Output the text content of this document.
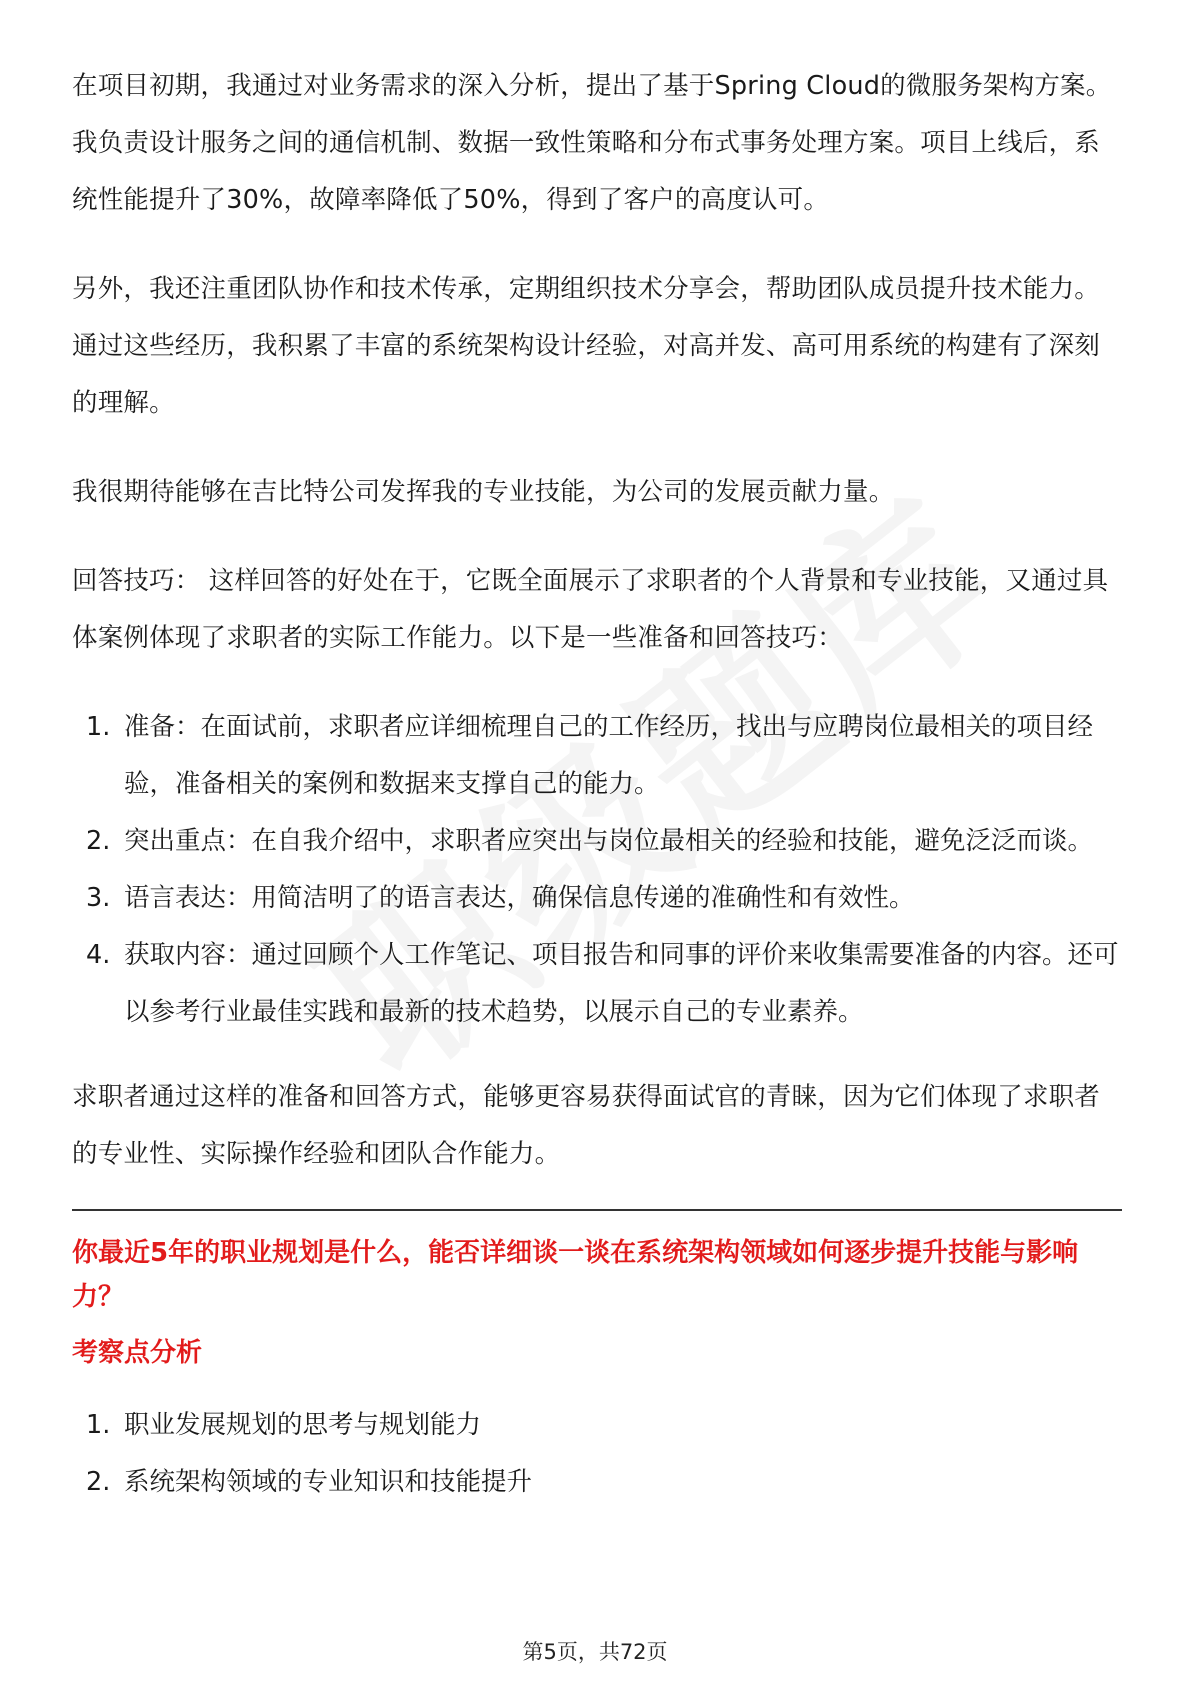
在项目初期，我通过对业务需求的深入分析，提出了基于Spring Cloud的微服务架构方案。我负责设计服务之间的通信机制、数据一致性策略和分布式事务处理方案。项目上线后，系统性能提升了30%，故障率降低了50%，得到了客户的高度认可。

另外，我还注重团队协作和技术传承，定期组织技术分享会，帮助团队成员提升技术能力。通过这些经历，我积累了丰富的系统架构设计经验，对高并发、高可用系统的构建有了深刻的理解。

我很期待能够在吉比特公司发挥我的专业技能，为公司的发展贡献力量。

回答技巧： 这样回答的好处在于，它既全面展示了求职者的个人背景和专业技能，又通过具体案例体现了求职者的实际工作能力。以下是一些准备和回答技巧：

1. 准备：在面试前，求职者应详细梳理自己的工作经历，找出与应聘岗位最相关的项目经验，准备相关的案例和数据来支撑自己的能力。
2. 突出重点：在自我介绍中，求职者应突出与岗位最相关的经验和技能，避免泛泛而谈。
3. 语言表达：用简洁明了的语言表达，确保信息传递的准确性和有效性。
4. 获取内容：通过回顾个人工作笔记、项目报告和同事的评价来收集需要准备的内容。还可以参考行业最佳实践和最新的技术趋势，以展示自己的专业素养。

求职者通过这样的准备和回答方式，能够更容易获得面试官的青睐，因为它们体现了求职者的专业性、实际操作经验和团队合作能力。

你最近5年的职业规划是什么，能否详细谈一谈在系统架构领域如何逐步提升技能与影响力？
考察点分析
1. 职业发展规划的思考与规划能力
2. 系统架构领域的专业知识和技能提升
第5页，共72页
